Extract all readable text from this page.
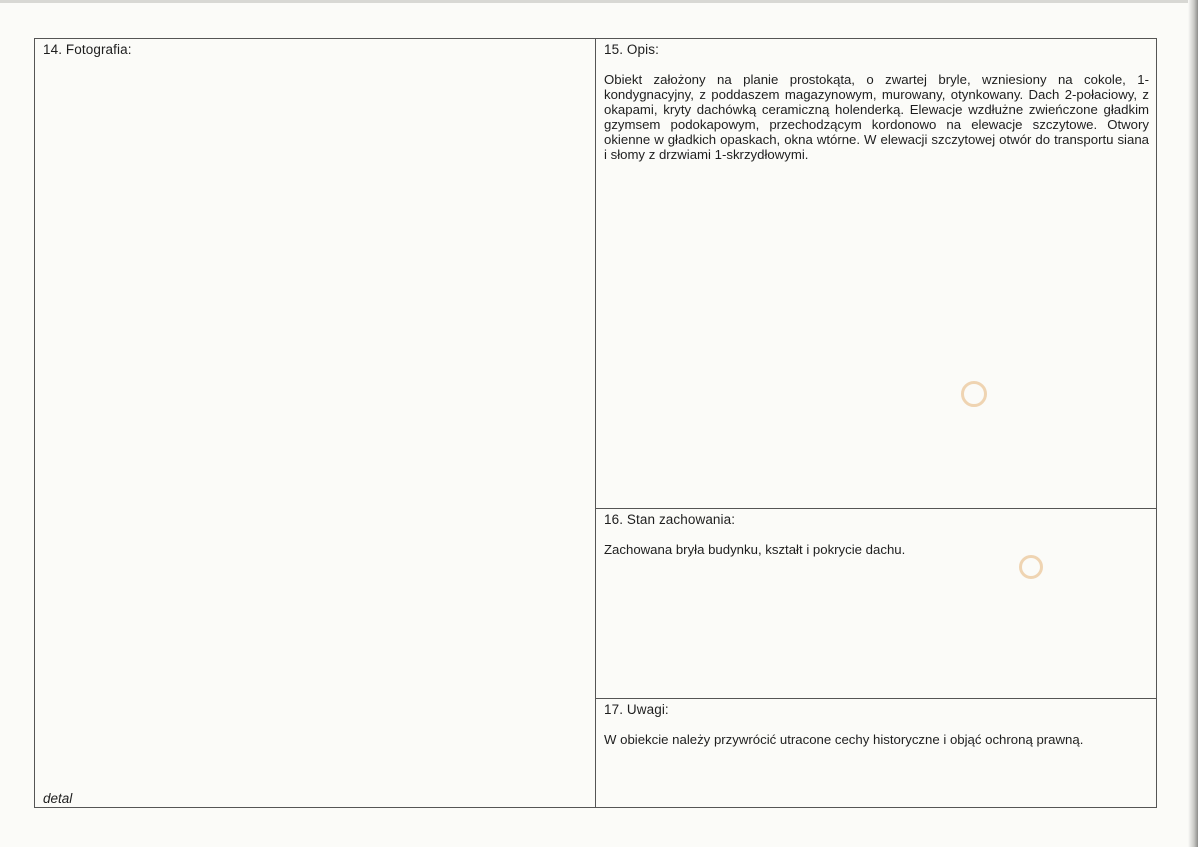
14. Fotografia:
detal
15. Opis:
Obiekt założony na planie prostokąta, o zwartej bryle, wzniesiony na cokole, 1-kondygnacyjny, z poddaszem magazynowym, murowany, otynkowany. Dach 2-połaciowy, z okapami, kryty dachówką ceramiczną holenderką. Elewacje wzdłużne zwieńczone gładkim gzymsem podokapowym, przechodzącym kordonowo na elewacje szczytowe. Otwory okienne w gładkich opaskach, okna wtórne. W elewacji szczytowej otwór do transportu siana i słomy z drzwiami 1-skrzydłowymi.
16. Stan zachowania:
Zachowana bryła budynku, kształt i pokrycie dachu.
17. Uwagi:
W obiekcie należy przywrócić utracone cechy historyczne i objąć ochroną prawną.
